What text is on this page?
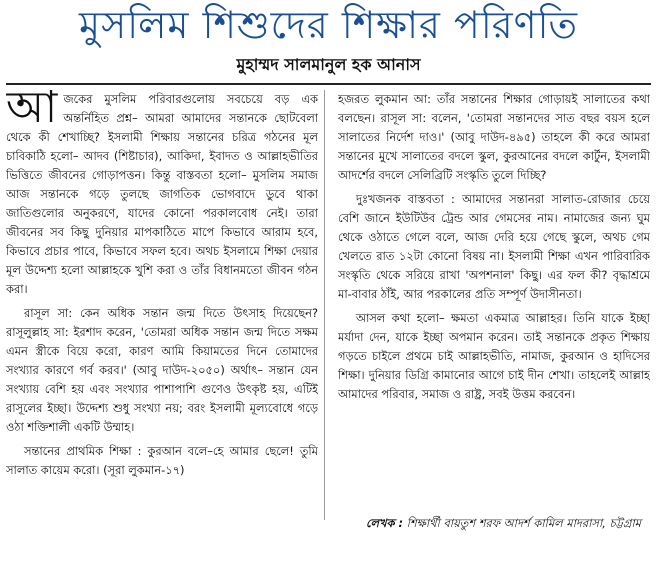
মুসলিম শিশুদের শিক্ষার পরিণতি
মুহাম্মদ সালমানুল হক আনাস

আজকের মুসলিম পরিবারগুলোয় সবচেয়ে বড় এক অন্তর্নিহিত প্রশ্ন– আমরা আমাদের সন্তানকে ছোটবেলা থেকে কী শেখাচ্ছি? ইসলামী শিক্ষায় সন্তানের চরিত্র গঠনের মূল চাবিকাঠি হলো– আদব (শিষ্টাচার), আকিদা, ইবাদত ও আল্লাহভীতির ভিত্তিতে জীবনের গোড়াপত্তন। কিন্তু বাস্তবতা হলো– মুসলিম সমাজ আজ সন্তানকে গড়ে তুলছে জাগতিক ভোগবাদে ডুবে থাকা জাতিগুলোর অনুকরণে, যাদের কোনো পরকালবোধ নেই। তারা জীবনের সব কিছু দুনিয়ার মাপকাঠিতে মাপে কিভাবে আরাম হবে, কিভাবে প্রচার পাবে, কিভাবে সফল হবে। অথচ ইসলামে শিক্ষা দেয়ার মূল উদ্দেশ্য হলো আল্লাহকে খুশি করা ও তাঁর বিধানমতো জীবন গঠন করা।

রাসূল সা: কেন অধিক সন্তান জন্ম দিতে উৎসাহ দিয়েছেন? রাসূলুল্লাহ সা: ইরশাদ করেন, 'তোমরা অধিক সন্তান জন্ম দিতে সক্ষম এমন স্ত্রীকে বিয়ে করো, কারণ আমি কিয়ামতের দিনে তোমাদের সংখ্যার কারণে গর্ব করব।' (আবু দাউদ-২০৫০) অর্থাৎ– সন্তান যেন সংখ্যায় বেশি হয় এবং সংখ্যার পাশাপাশি গুণেও উৎকৃষ্ট হয়, এটিই রাসূলের ইচ্ছা। উদ্দেশ্য শুধু সংখ্যা নয়; বরং ইসলামী মূল্যবোধে গড়ে ওঠা শক্তিশালী একটি উম্মাহ।

সন্তানের প্রাথমিক শিক্ষা : কুরআন বলে–হে আমার ছেলে! তুমি সালাত কায়েম করো। (সূরা লুকমান-১৭)

হজরত লুকমান আ: তাঁর সন্তানের শিক্ষার গোড়ায়ই সালাতের কথা বলছেন। রাসূল সা: বলেন, 'তোমরা সন্তানদের সাত বছর বয়স হলে সালাতের নির্দেশ দাও।' (আবু দাউদ-৪৯৫) তাহলে কী করে আমরা সন্তানের মুখে সালাতের বদলে স্কুল, কুরআনের বদলে কার্টুন, ইসলামী আদর্শের বদলে সেলিব্রিটি সংস্কৃতি তুলে দিচ্ছি?

দুঃখজনক বাস্তবতা : আমাদের সন্তানরা সালাত-রোজার চেয়ে বেশি জানে ইউটিউব ট্রেন্ড আর গেমসের নাম। নামাজের জন্য ঘুম থেকে ওঠাতে গেলে বলে, আজ দেরি হয়ে গেছে স্কুলে, অথচ গেম খেলতে রাত ১২টা কোনো বিষয় না। ইসলামী শিক্ষা এখন পারিবারিক সংস্কৃতি থেকে সরিয়ে রাখা 'অপশনাল' কিছু। এর ফল কী? বৃদ্ধাশ্রমে মা-বাবার ঠাঁই, আর পরকালের প্রতি সম্পূর্ণ উদাসীনতা।

আসল কথা হলো– ক্ষমতা একমাত্র আল্লাহর। তিনি যাকে ইচ্ছা মর্যাদা দেন, যাকে ইচ্ছা অপমান করেন। তাই সন্তানকে প্রকৃত শিক্ষায় গড়তে চাইলে প্রথমে চাই আল্লাহভীতি, নামাজ, কুরআন ও হাদিসের শিক্ষা। দুনিয়ার ডিগ্রি কামানোর আগে চাই দীন শেখা। তাহলেই আল্লাহ আমাদের পরিবার, সমাজ ও রাষ্ট্র, সবই উত্তম করবেন।

লেখক : শিক্ষার্থী বায়তুশ শরফ আদর্শ কামিল মাদরাসা, চট্টগ্রাম
